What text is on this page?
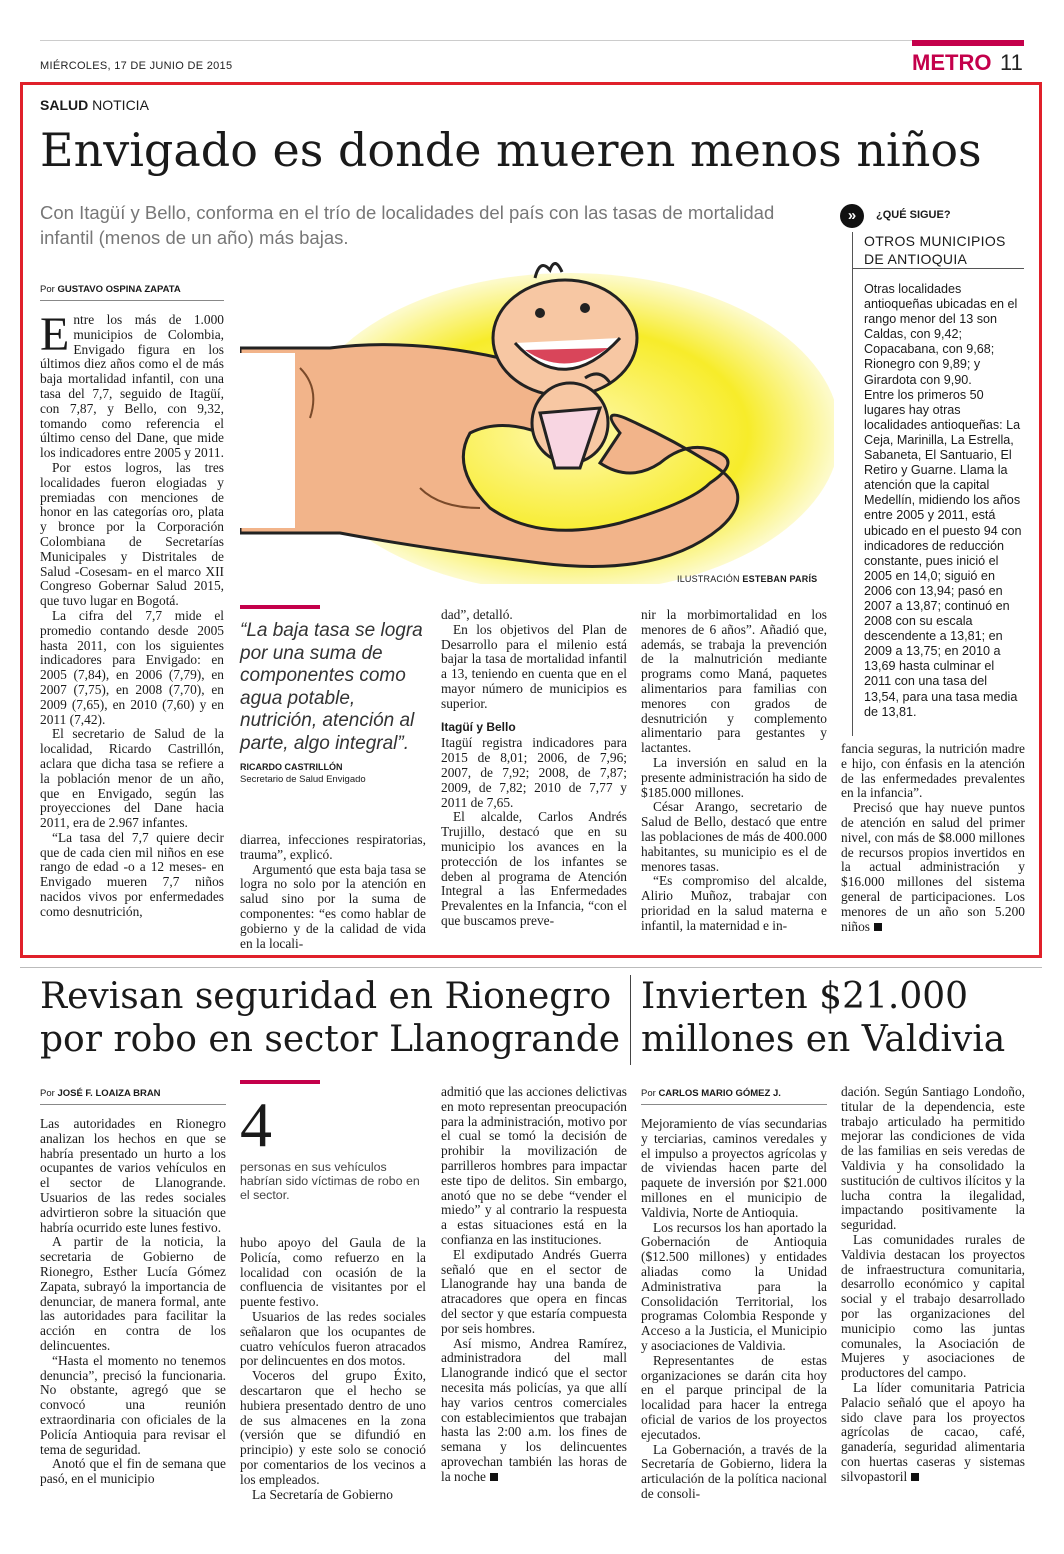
MIÉRCOLES, 17 DE JUNIO DE 2015	METRO 11
SALUD NOTICIA
Envigado es donde mueren menos niños
Con Itagüí y Bello, conforma en el trío de localidades del país con las tasas de mortalidad infantil (menos de un año) más bajas.
Por GUSTAVO OSPINA ZAPATA

Entre los más de 1.000 municipios de Colombia, Envigado figura en los últimos diez años como el de más baja mortalidad infantil, con una tasa del 7,7, seguido de Itagüí, con 7,87, y Bello, con 9,32, tomando como referencia el último censo del Dane, que mide los indicadores entre 2005 y 2011.

Por estos logros, las tres localidades fueron elogiadas y premiadas con menciones de honor en las categorías oro, plata y bronce por la Corporación Colombiana de Secretarías Municipales y Distritales de Salud -Cosesam- en el marco XII Congreso Gobernar Salud 2015, que tuvo lugar en Bogotá.

La cifra del 7,7 mide el promedio contando desde 2005 hasta 2011, con los siguientes indicadores para Envigado: en 2005 (7,84), en 2006 (7,79), en 2007 (7,75), en 2008 (7,70), en 2009 (7,65), en 2010 (7,60) y en 2011 (7,42).

El secretario de Salud de la localidad, Ricardo Castrillón, aclara que dicha tasa se refiere a la población menor de un año, que en Envigado, según las proyecciones del Dane hacia 2011, era de 2.967 infantes.

“La tasa del 7,7 quiere decir que de cada cien mil niños en ese rango de edad -o a 12 meses- en Envigado mueren 7,7 niños nacidos vivos por enfermedades como desnutrición,

ILUSTRACIÓN ESTEBAN PARÍS
“La baja tasa se logra por una suma de componentes como agua potable, nutrición, atención al parte, algo integral”.
RICARDO CASTRILLÓN
Secretario de Salud Envigado

diarrea, infecciones respiratorias, trauma”, explicó.

Argumentó que esta baja tasa se logra no solo por la atención en salud sino por la suma de componentes: “es como hablar de gobierno y de la calidad de vida en la locali-

dad”, detalló.

En los objetivos del Plan de Desarrollo para el milenio está bajar la tasa de mortalidad infantil a 13, teniendo en cuenta que en el mayor número de municipios es superior.

Itagüí y Bello

Itagüí registra indicadores para 2015 de 8,01; 2006, de 7,96; 2007, de 7,92; 2008, de 7,87; 2009, de 7,82; 2010 de 7,77 y 2011 de 7,65.

El alcalde, Carlos Andrés Trujillo, destacó que en su municipio los avances en la protección de los infantes se deben al programa de Atención Integral a las Enfermedades Prevalentes en la Infancia, “con el que buscamos preve-

nir la morbimortalidad en los menores de 6 años”. Añadió que, además, se trabaja la prevención de la malnutrición mediante programs como Maná, paquetes alimentarios para familias con menores con grados de desnutrición y complemento alimentario para gestantes y lactantes.

La inversión en salud en la presente administración ha sido de $185.000 millones.

César Arango, secretario de Salud de Bello, destacó que entre las poblaciones de más de 400.000 habitantes, su municipio es el de menores tasas.

“Es compromiso del alcalde, Alirio Muñoz, trabajar con prioridad en la salud materna e infantil, la maternidad e in-

fancia seguras, la nutrición madre e hijo, con énfasis en la atención de las enfermedades prevalentes en la infancia”.

Precisó que hay nueve puntos de atención en salud del primer nivel, con más de $8.000 millones de recursos propios invertidos en la actual administración y $16.000 millones del sistema general de participaciones. Los menores de un año son 5.200 niños

»	¿QUÉ SIGUE?
OTROS MUNICIPIOS
DE ANTIOQUIA
Otras localidades antioqueñas ubicadas en el rango menor del 13 son Caldas, con 9,42; Copacabana, con 9,68; Rionegro con 9,89; y Girardota con 9,90.
Entre los primeros 50 lugares hay otras localidades antioqueñas: La Ceja, Marinilla, La Estrella, Sabaneta, El Santuario, El Retiro y Guarne. Llama la atención que la capital Medellín, midiendo los años entre 2005 y 2011, está ubicado en el puesto 94 con indicadores de reducción constante, pues inició el 2005 en 14,0; siguió en 2006 con 13,94; pasó en 2007 a 13,87; continuó en 2008 con su escala descendente a 13,81; en 2009 a 13,75; en 2010 a 13,69 hasta culminar el 2011 con una tasa del 13,54, para una tasa media de 13,81.
Revisan seguridad en Rionegro por robo en sector Llanogrande
Invierten $21.000 millones en Valdivia
Por JOSÉ F. LOAIZA BRAN	Por CARLOS MARIO GÓMEZ J.

Las autoridades en Rionegro analizan los hechos en que se habría presentado un hurto a los ocupantes de varios vehículos en el sector de Llanogrande. Usuarios de las redes sociales advirtieron sobre la situación que habría ocurrido este lunes festivo.

A partir de la noticia, la secretaria de Gobierno de Rionegro, Esther Lucía Gómez Zapata, subrayó la importancia de denunciar, de manera formal, ante las autoridades para facilitar la acción en contra de los delincuentes.

“Hasta el momento no tenemos denuncia”, precisó la funcionaria. No obstante, agregó que se convocó una reunión extraordinaria con oficiales de la Policía Antioquia para revisar el tema de seguridad.

Anotó que el fin de semana que pasó, en el municipio

4
personas en sus vehículos habrían sido víctimas de robo en el sector.

hubo apoyo del Gaula de la Policía, como refuerzo en la localidad con ocasión de la confluencia de visitantes por el puente festivo.

Usuarios de las redes sociales señalaron que los ocupantes de cuatro vehículos fueron atracados por delincuentes en dos motos.

Voceros del grupo Éxito, descartaron que el hecho se hubiera presentado dentro de uno de sus almacenes en la zona (versión que se difundió en principio) y este solo se conoció por comentarios de los vecinos a los empleados.

La Secretaría de Gobierno

admitió que las acciones delictivas en moto representan preocupación para la administración, motivo por el cual se tomó la decisión de prohibir la movilización de parrilleros hombres para impactar este tipo de delitos. Sin embargo, anotó que no se debe “vender el miedo” y al contrario la respuesta a estas situaciones está en la confianza en las instituciones.

El exdiputado Andrés Guerra señaló que en el sector de Llanogrande hay una banda de atracadores que opera en fincas del sector y que estaría compuesta por seis hombres.

Así mismo, Andrea Ramírez, administradora del mall Llanogrande indicó que el sector necesita más policías, ya que allí hay varios centros comerciales con establecimientos que trabajan hasta las 2:00 a.m. los fines de semana y los delincuentes aprovechan también las horas de la noche

Mejoramiento de vías secundarias y terciarias, caminos veredales y el impulso a proyectos agrícolas y de viviendas hacen parte del paquete de inversión por $21.000 millones en el municipio de Valdivia, Norte de Antioquia.

Los recursos los han aportado la Gobernación de Antioquia ($12.500 millones) y entidades aliadas como la Unidad Administrativa para la Consolidación Territorial, los programas Colombia Responde y Acceso a la Justicia, el Municipio y asociaciones de Valdivia.

Representantes de estas organizaciones se darán cita hoy en el parque principal de la localidad para hacer la entrega oficial de varios de los proyectos ejecutados.

La Gobernación, a través de la Secretaría de Gobierno, lidera la articulación de la política nacional de consoli-

dación. Según Santiago Londoño, titular de la dependencia, este trabajo articulado ha permitido mejorar las condiciones de vida de las familias en seis veredas de Valdivia y ha consolidado la sustitución de cultivos ilícitos y la lucha contra la ilegalidad, impactando positivamente la seguridad.

Las comunidades rurales de Valdivia destacan los proyectos de infraestructura comunitaria, desarrollo económico y capital social y el trabajo desarrollado por las organizaciones del municipio como las juntas comunales, la Asociación de Mujeres y asociaciones de productores del campo.

La líder comunitaria Patricia Palacio señaló que el apoyo ha sido clave para los proyectos agrícolas de cacao, café, ganadería, seguridad alimentaria con huertas caseras y sistemas silvopastoril
